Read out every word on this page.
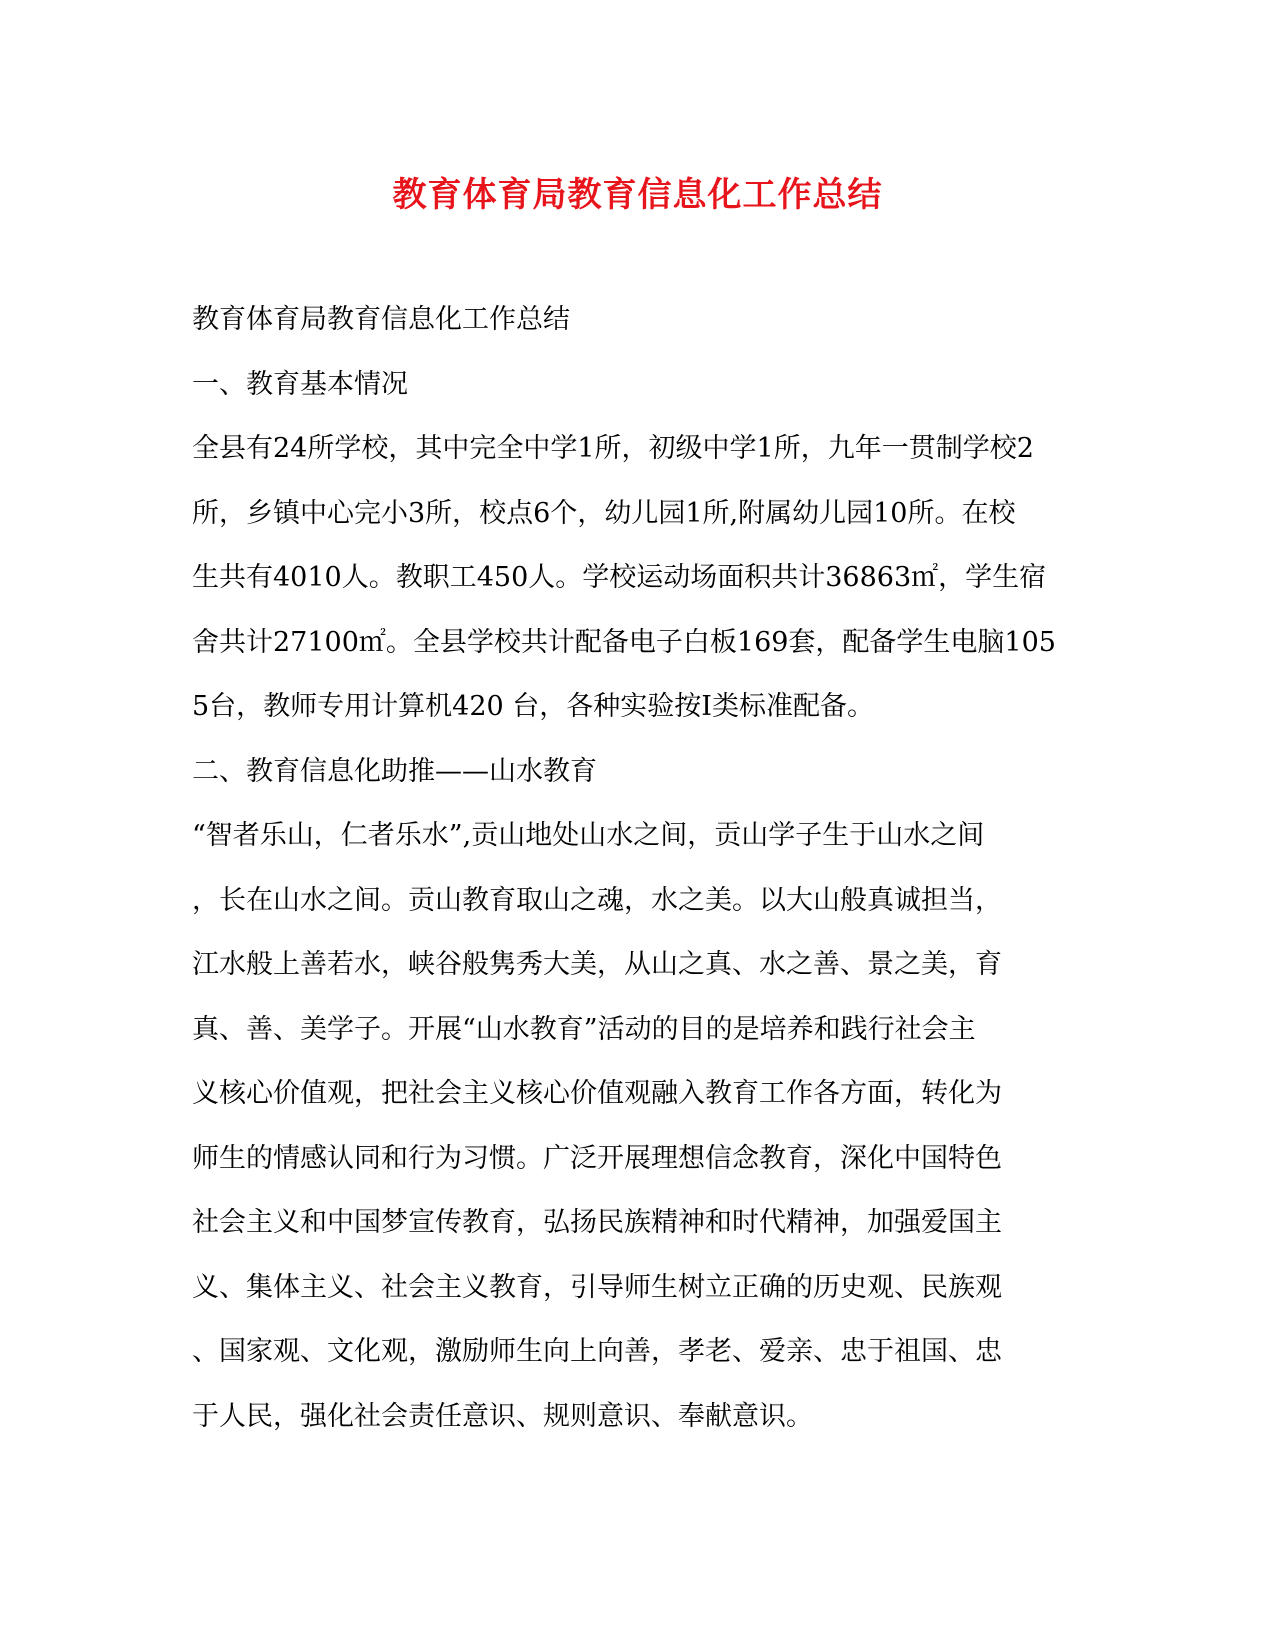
教育体育局教育信息化工作总结
教育体育局教育信息化工作总结
一、教育基本情况
全县有24所学校，其中完全中学1所，初级中学1所，九年一贯制学校2
所，乡镇中心完小3所，校点6个，幼儿园1所,附属幼儿园10所。在校
生共有4010人。教职工450人。学校运动场面积共计36863㎡，学生宿
舍共计27100㎡。全县学校共计配备电子白板169套，配备学生电脑105
5台，教师专用计算机420 台，各种实验按Ⅰ类标准配备。
二、教育信息化助推——山水教育
“智者乐山，仁者乐水”,贡山地处山水之间，贡山学子生于山水之间
，长在山水之间。贡山教育取山之魂，水之美。以大山般真诚担当，
江水般上善若水，峡谷般隽秀大美，从山之真、水之善、景之美，育
真、善、美学子。开展“山水教育”活动的目的是培养和践行社会主
义核心价值观，把社会主义核心价值观融入教育工作各方面，转化为
师生的情感认同和行为习惯。广泛开展理想信念教育，深化中国特色
社会主义和中国梦宣传教育，弘扬民族精神和时代精神，加强爱国主
义、集体主义、社会主义教育，引导师生树立正确的历史观、民族观
、国家观、文化观，激励师生向上向善，孝老、爱亲、忠于祖国、忠
于人民，强化社会责任意识、规则意识、奉献意识。
